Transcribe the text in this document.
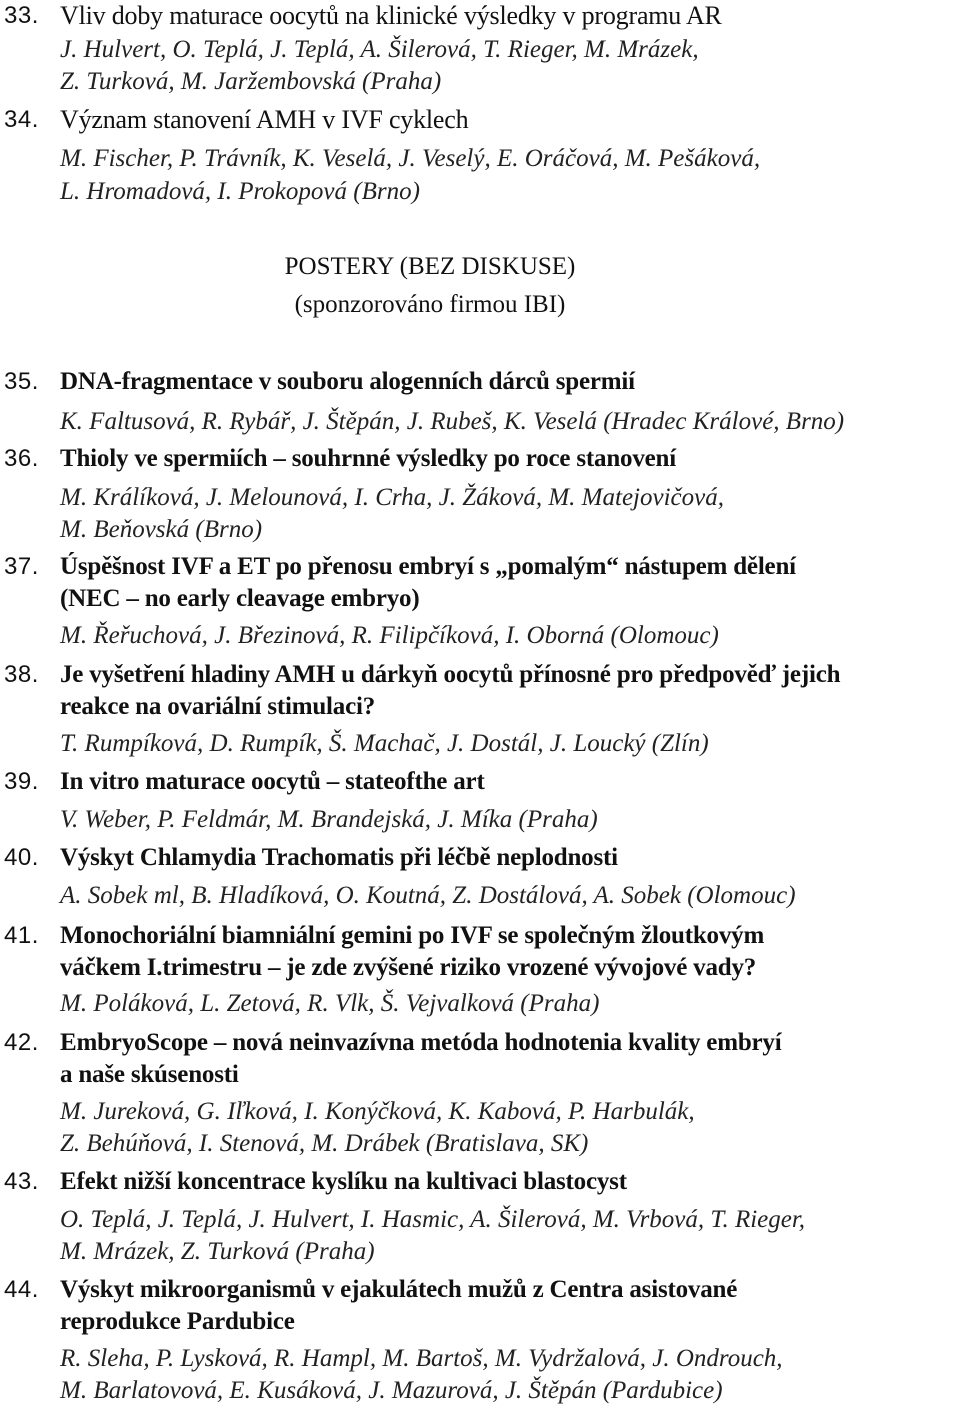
33. Vliv doby maturace oocytů na klinické výsledky v programu AR
J. Hulvert, O. Teplá, J. Teplá, A. Šilerová, T. Rieger, M. Mrázek,
Z. Turková, M. Jaržembovská (Praha)
34. Význam stanovení AMH v IVF cyklech
M. Fischer, P. Trávník, K. Veselá, J. Veselý, E. Oráčová, M. Pešáková,
L. Hromadová, I. Prokopová (Brno)
POSTERY (BEZ DISKUSE)
(sponzorováno firmou IBI)
35. DNA-fragmentace v souboru alogenních dárců spermií
K. Faltusová, R. Rybář, J. Štěpán, J. Rubeš, K. Veselá (Hradec Králové, Brno)
36. Thioly ve spermiích – souhrnné výsledky po roce stanovení
M. Králíková, J. Melounová, I. Crha, J. Žáková, M. Matejovičová,
M. Beňovská (Brno)
37. Úspěšnost IVF a ET po přenosu embryí s „pomalým“ nástupem dělení
(NEC – no early cleavage embryo)
M. Řeřuchová, J. Březinová, R. Filipčíková, I. Oborná (Olomouc)
38. Je vyšetření hladiny AMH u dárkyň oocytů přínosné pro předpověď jejich
reakce na ovariální stimulaci?
T. Rumpíková, D. Rumpík, Š. Machač, J. Dostál, J. Loucký (Zlín)
39. In vitro maturace oocytů – stateofthe art
V. Weber, P. Feldmár, M. Brandejská, J. Míka (Praha)
40. Výskyt Chlamydia Trachomatis při léčbě neplodnosti
A. Sobek ml, B. Hladíková, O. Koutná, Z. Dostálová, A. Sobek (Olomouc)
41. Monochoriální biamniální gemini po IVF se společným žloutkovým
váčkem I.trimestru – je zde zvýšené riziko vrozené vývojové vady?
M. Poláková, L. Zetová, R. Vlk, Š. Vejvalková (Praha)
42. EmbryoScope – nová neinvazívna metóda hodnotenia kvality embryí
a naše skúsenosti
M. Jureková, G. Iľková, I. Konýčková, K. Kabová, P. Harbulák,
Z. Behúňová, I. Stenová, M. Drábek (Bratislava, SK)
43. Efekt nižší koncentrace kyslíku na kultivaci blastocyst
O. Teplá, J. Teplá, J. Hulvert, I. Hasmic, A. Šilerová, M. Vrbová, T. Rieger,
M. Mrázek, Z. Turková (Praha)
44. Výskyt mikroorganismů v ejakulátech mužů z Centra asistované
reprodukce Pardubice
R. Sleha, P. Lysková, R. Hampl, M. Bartoš, M. Vydržalová, J. Ondrouch,
M. Barlatovová, E. Kusáková, J. Mazurová, J. Štěpán (Pardubice)
